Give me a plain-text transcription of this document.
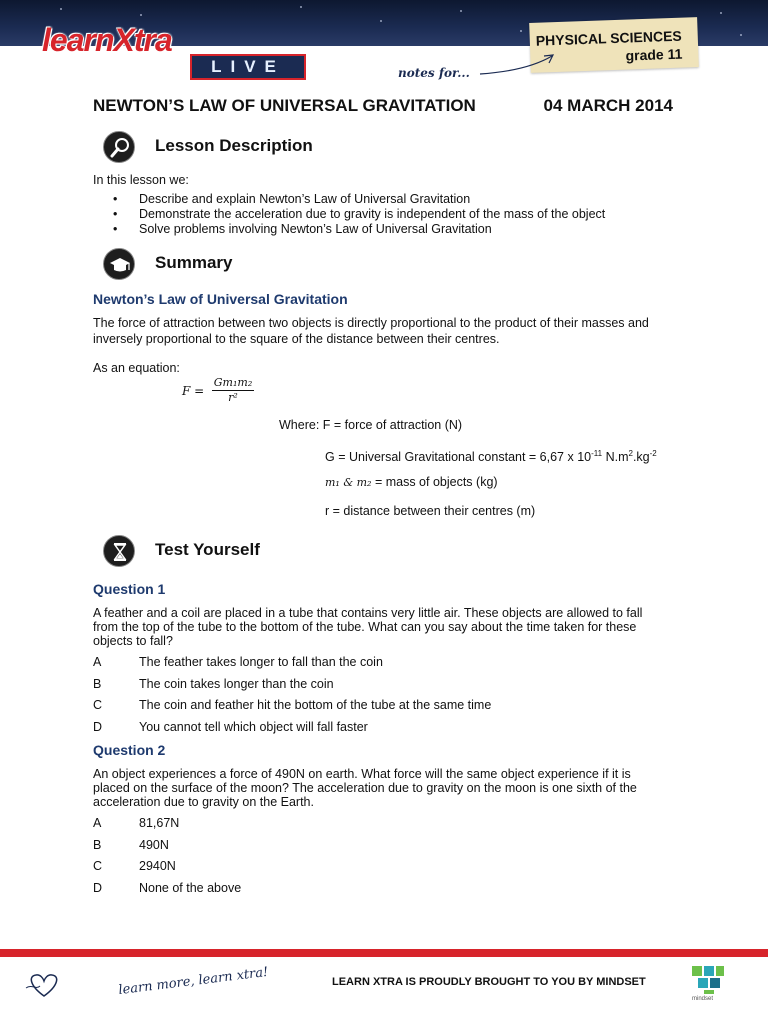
learnXtra
LIVE
PHYSICAL SCIENCES
grade 11
notes for...
NEWTON’S LAW OF UNIVERSAL GRAVITATION	04 MARCH 2014
Lesson Description
In this lesson we:
• Describe and explain Newton’s Law of Universal Gravitation
• Demonstrate the acceleration due to gravity is independent of the mass of the object
• Solve problems involving Newton’s Law of Universal Gravitation
Summary
Newton’s Law of Universal Gravitation
The force of attraction between two objects is directly proportional to the product of their masses and
inversely proportional to the square of the distance between their centres.
As an equation:
$F = \frac{\text{Gm₁m₂}}{\text{r²}}$
Where: F = force of attraction (N)
G = Universal Gravitational constant = 6,67 x $10^{-11}$ $N.m^2.kg^{-2}$
m₁ & m₂ = mass of objects (kg)
r = distance between their centres (m)
Test Yourself
Question 1
A feather and a coil are placed in a tube that contains very little air. These objects are allowed to fall
from the top of the tube to the bottom of the tube. What can you say about the time taken for these
objects to fall?
A	The feather takes longer to fall than the coin
B	The coin takes longer than the coin
C	The coin and feather hit the bottom of the tube at the same time
D	You cannot tell which object will fall faster
Question 2
An object experiences a force of 490N on earth. What force will the same object experience if it is
placed on the surface of the moon? The acceleration due to gravity on the moon is one sixth of the
acceleration due to gravity on the Earth.
A	81,67N
B	490N
C	2940N
D	None of the above
learn more, learn xtra!	LEARN XTRA IS PROUDLY BROUGHT TO YOU BY MINDSET
mindset
